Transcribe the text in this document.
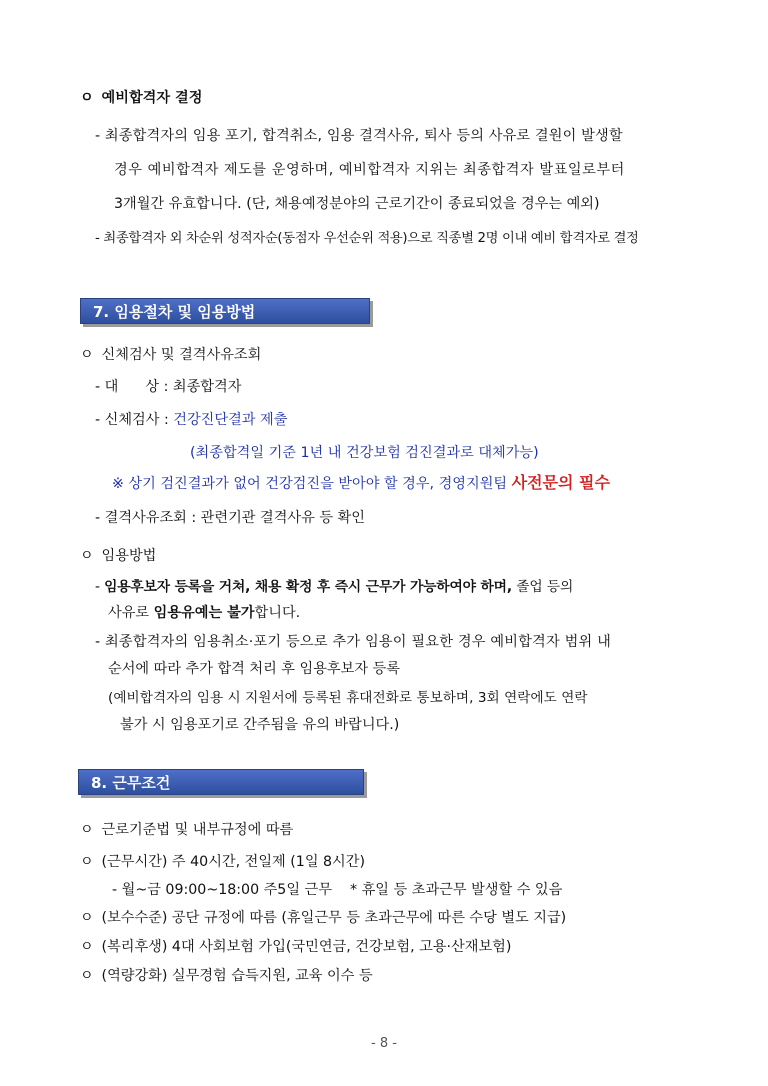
ㅇ 예비합격자 결정
- 최종합격자의 임용 포기, 합격취소, 임용 결격사유, 퇴사 등의 사유로 결원이 발생할
경우 예비합격자 제도를 운영하며, 예비합격자 지위는 최종합격자 발표일로부터
3개월간 유효합니다. (단, 채용예정분야의 근로기간이 종료되었을 경우는 예외)
- 최종합격자 외 차순위 성적자순(동점자 우선순위 적용)으로 직종별 2명 이내 예비 합격자로 결정
7. 임용절차 및 임용방법
ㅇ 신체검사 및 결격사유조회
- 대      상 : 최종합격자
- 신체검사 : 건강진단결과 제출
(최종합격일 기준 1년 내 건강보험 검진결과로 대체가능)
※ 상기 검진결과가 없어 건강검진을 받아야 할 경우, 경영지원팀 사전문의 필수
- 결격사유조회 : 관련기관 결격사유 등 확인
ㅇ 임용방법
- 임용후보자 등록을 거쳐, 채용 확정 후 즉시 근무가 가능하여야 하며, 졸업 등의
사유로 임용유예는 불가합니다.
- 최종합격자의 임용취소·포기 등으로 추가 임용이 필요한 경우 예비합격자 범위 내
순서에 따라 추가 합격 처리 후 임용후보자 등록
(예비합격자의 임용 시 지원서에 등록된 휴대전화로 통보하며, 3회 연락에도 연락
불가 시 임용포기로 간주됨을 유의 바랍니다.)
8. 근무조건
ㅇ 근로기준법 및 내부규정에 따름
ㅇ (근무시간) 주 40시간, 전일제 (1일 8시간)
- 월~금 09:00~18:00 주5일 근무    * 휴일 등 초과근무 발생할 수 있음
ㅇ (보수수준) 공단 규정에 따름 (휴일근무 등 초과근무에 따른 수당 별도 지급)
ㅇ (복리후생) 4대 사회보험 가입(국민연금, 건강보험, 고용·산재보험)
ㅇ (역량강화) 실무경험 습득지원, 교육 이수 등
- 8 -
